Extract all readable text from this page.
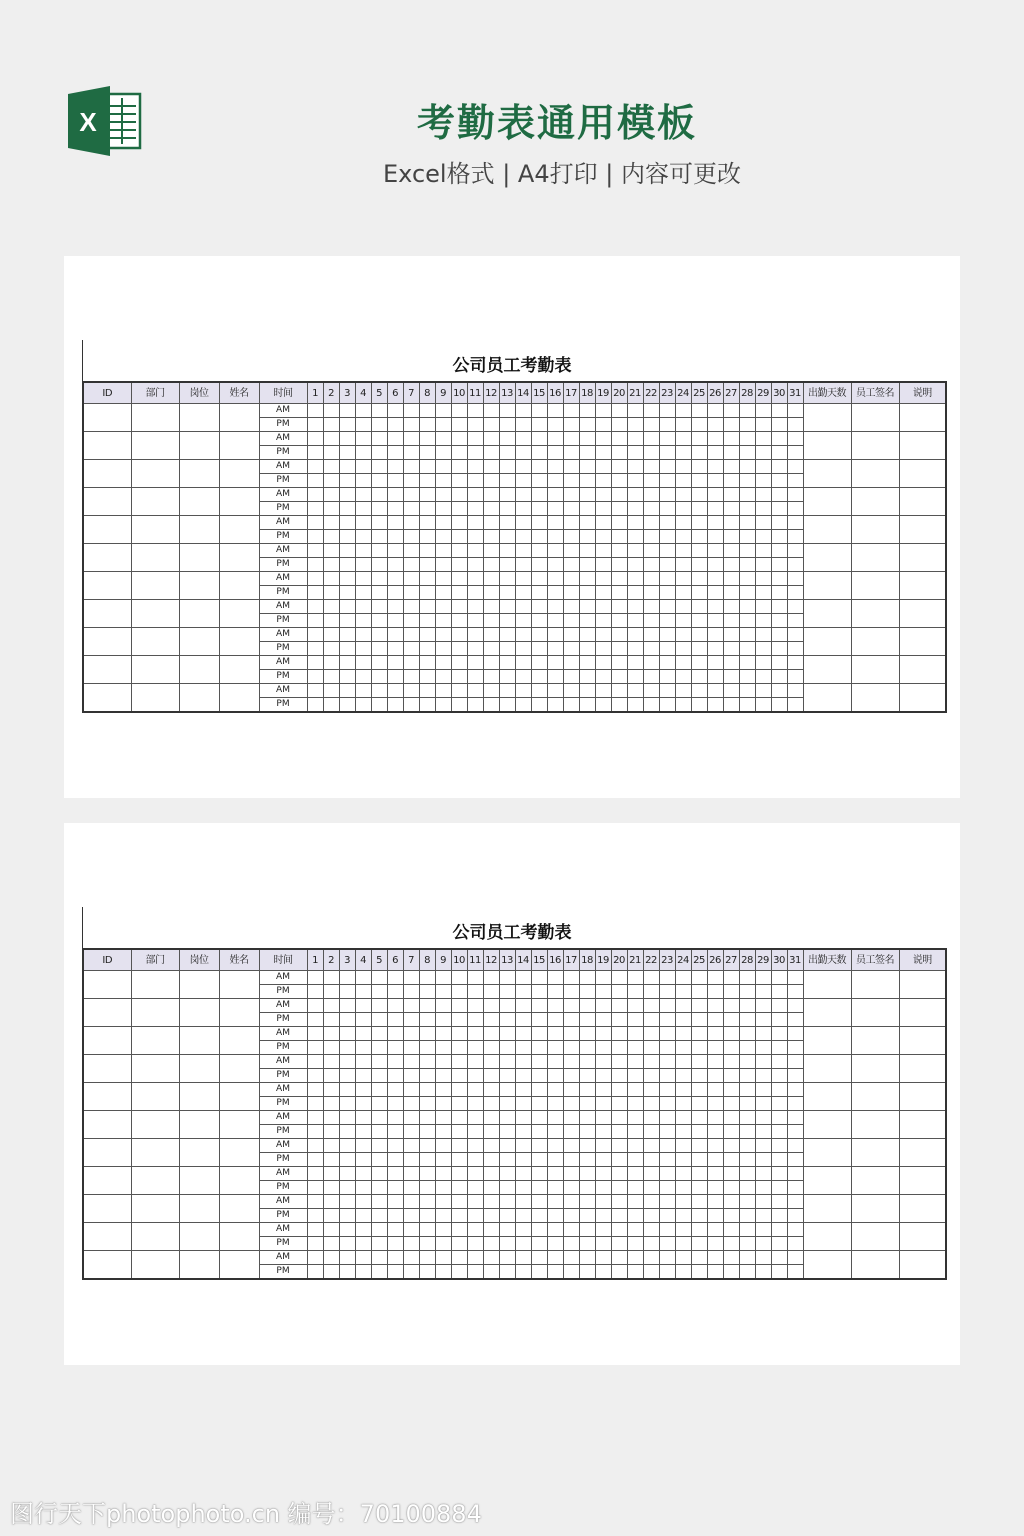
X	考勤表通用模板
Excel格式 | A4打印 | 内容可更改
公司员工考勤表
ID	部门	岗位	姓名	时间	1	2	3	4	5	6	7	8	9	10	11	12	13	14	15	16	17	18	19	20	21	22	23	24	25	26	27	28	29	30	31	出勤天数	员工签名	说明
				AM																																		
				PM																																		
				AM																																		
				PM																																		
				AM																																		
				PM																																		
				AM																																		
				PM																																		
				AM																																		
				PM																																		
				AM																																		
				PM																																		
				AM																																		
				PM																																		
				AM																																		
				PM																																		
				AM																																		
				PM																																		
				AM																																		
				PM																																		
				AM																																		
				PM																																		
公司员工考勤表
ID	部门	岗位	姓名	时间	1	2	3	4	5	6	7	8	9	10	11	12	13	14	15	16	17	18	19	20	21	22	23	24	25	26	27	28	29	30	31	出勤天数	员工签名	说明
				AM																																		
				PM																																		
				AM																																		
				PM																																		
				AM																																		
				PM																																		
				AM																																		
				PM																																		
				AM																																		
				PM																																		
				AM																																		
				PM																																		
				AM																																		
				PM																																		
				AM																																		
				PM																																		
				AM																																		
				PM																																		
				AM																																		
				PM																																		
				AM																																		
				PM																																		
图行天下photophoto.cn 编号：70100884
